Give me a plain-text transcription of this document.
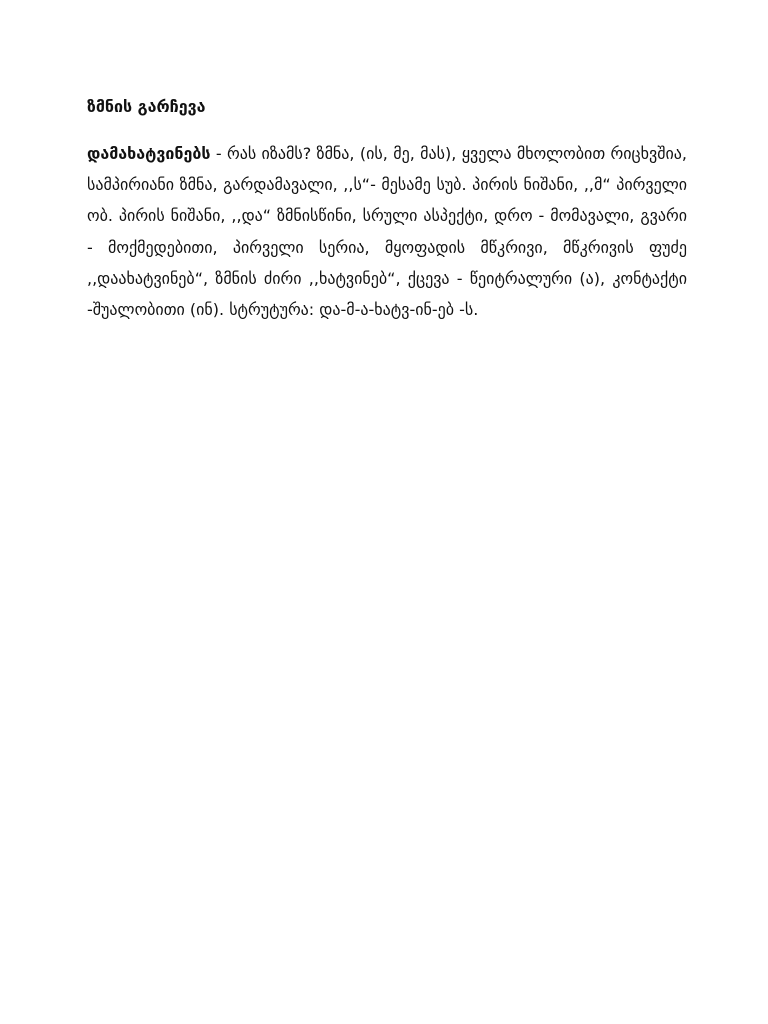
ზმნის გარჩევა

დამახატვინებს - რას იზამს? ზმნა, (ის, მე, მას), ყველა მხოლობით რიცხვშია, სამპირიანი ზმნა, გარდამავალი, ,,ს“- მესამე სუბ. პირის ნიშანი, ,,მ“ პირველი ობ. პირის ნიშანი, ,,და“ ზმნისწინი, სრული ასპექტი, დრო - მომავალი, გვარი - მოქმედებითი, პირველი სერია, მყოფადის მწკრივი, მწკრივის ფუძე ,,დაახატვინებ“, ზმნის ძირი ,,ხატვინებ“, ქცევა - წეიტრალური (ა), კონტაქტი -შუალობითი (ინ). სტრუტურა: და-მ-ა-ხატვ-ინ-ებ -ს.
